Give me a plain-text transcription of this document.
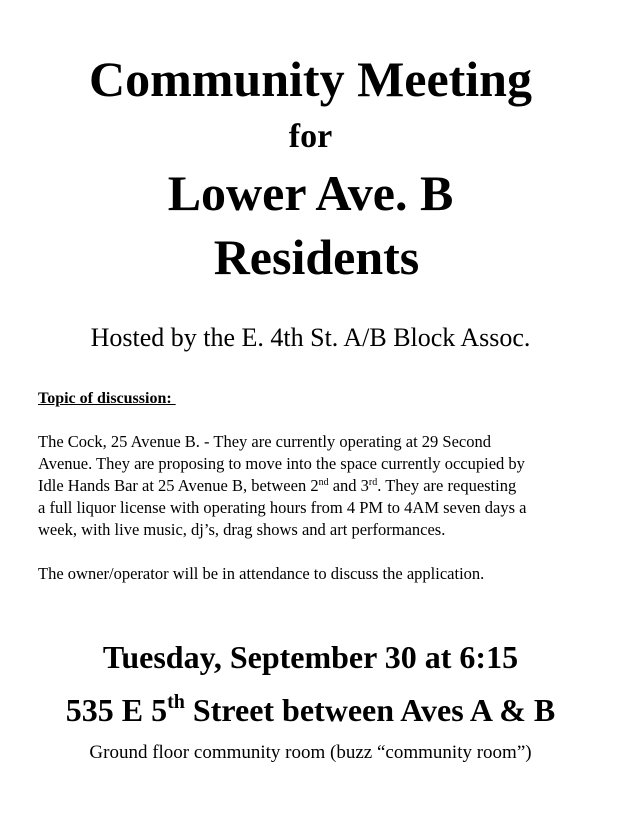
Community Meeting
for
Lower Ave. B
Residents
Hosted by the E. 4th St. A/B Block Assoc.
Topic of discussion:
The Cock, 25 Avenue B. - They are currently operating at 29 Second
Avenue. They are proposing to move into the space currently occupied by
Idle Hands Bar at 25 Avenue B, between 2nd and 3rd. They are requesting
a full liquor license with operating hours from 4 PM to 4AM seven days a
week, with live music, dj’s, drag shows and art performances.
The owner/operator will be in attendance to discuss the application.
Tuesday, September 30 at 6:15
535 E 5th Street between Aves A & B
Ground floor community room (buzz “community room”)
